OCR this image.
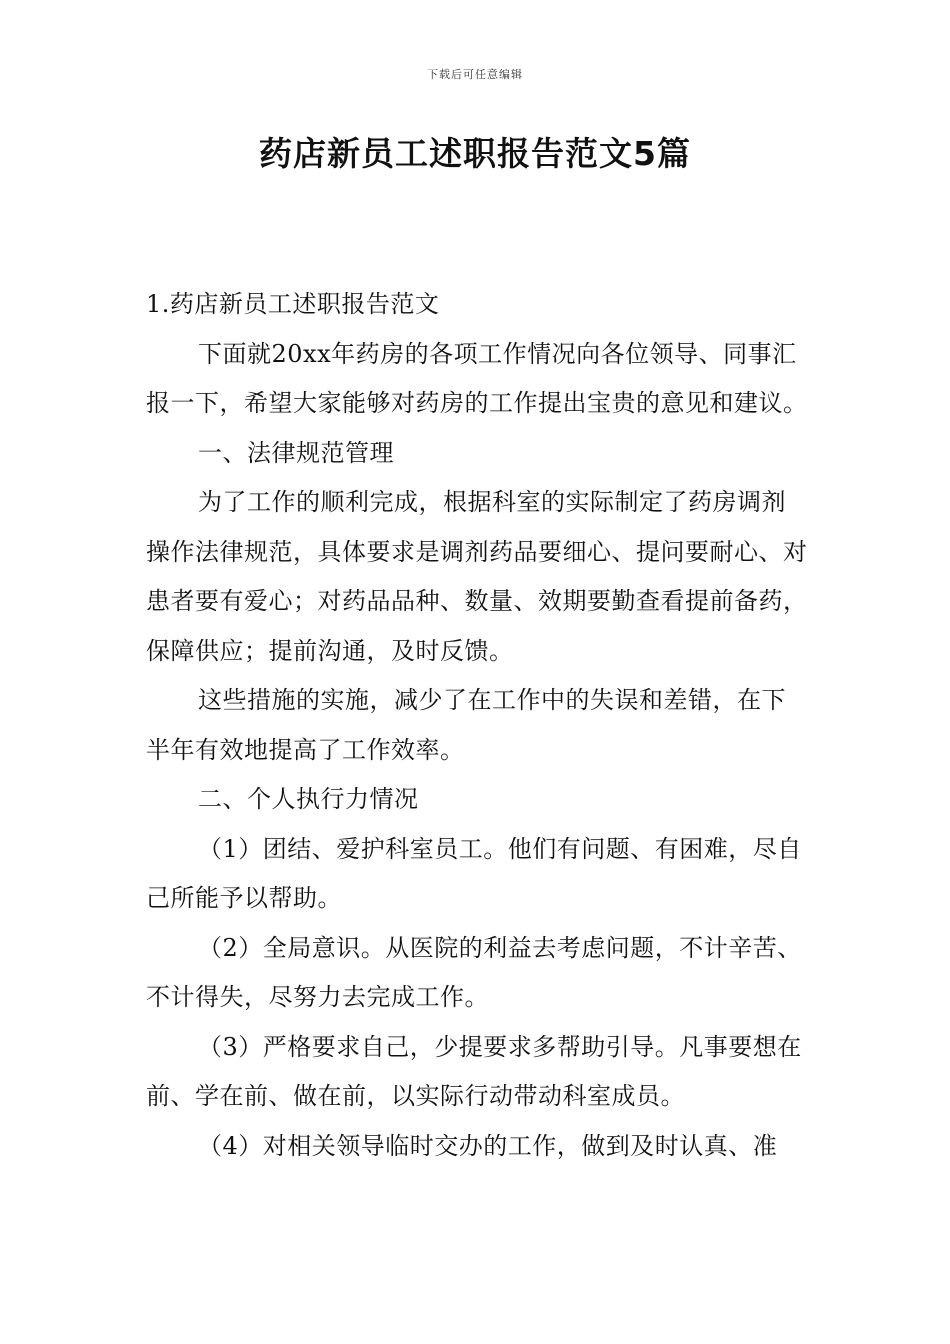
下载后可任意编辑
药店新员工述职报告范文5篇

1.药店新员工述职报告范文

下面就20xx年药房的各项工作情况向各位领导、同事汇报一下，希望大家能够对药房的工作提出宝贵的意见和建议。

一、法律规范管理

为了工作的顺利完成，根据科室的实际制定了药房调剂操作法律规范，具体要求是调剂药品要细心、提问要耐心、对患者要有爱心；对药品品种、数量、效期要勤查看提前备药，保障供应；提前沟通，及时反馈。

这些措施的实施，减少了在工作中的失误和差错，在下半年有效地提高了工作效率。

二、个人执行力情况

（1）团结、爱护科室员工。他们有问题、有困难，尽自己所能予以帮助。

（2）全局意识。从医院的利益去考虑问题，不计辛苦、不计得失，尽努力去完成工作。

（3）严格要求自己，少提要求多帮助引导。凡事要想在前、学在前、做在前，以实际行动带动科室成员。

（4）对相关领导临时交办的工作，做到及时认真、准
